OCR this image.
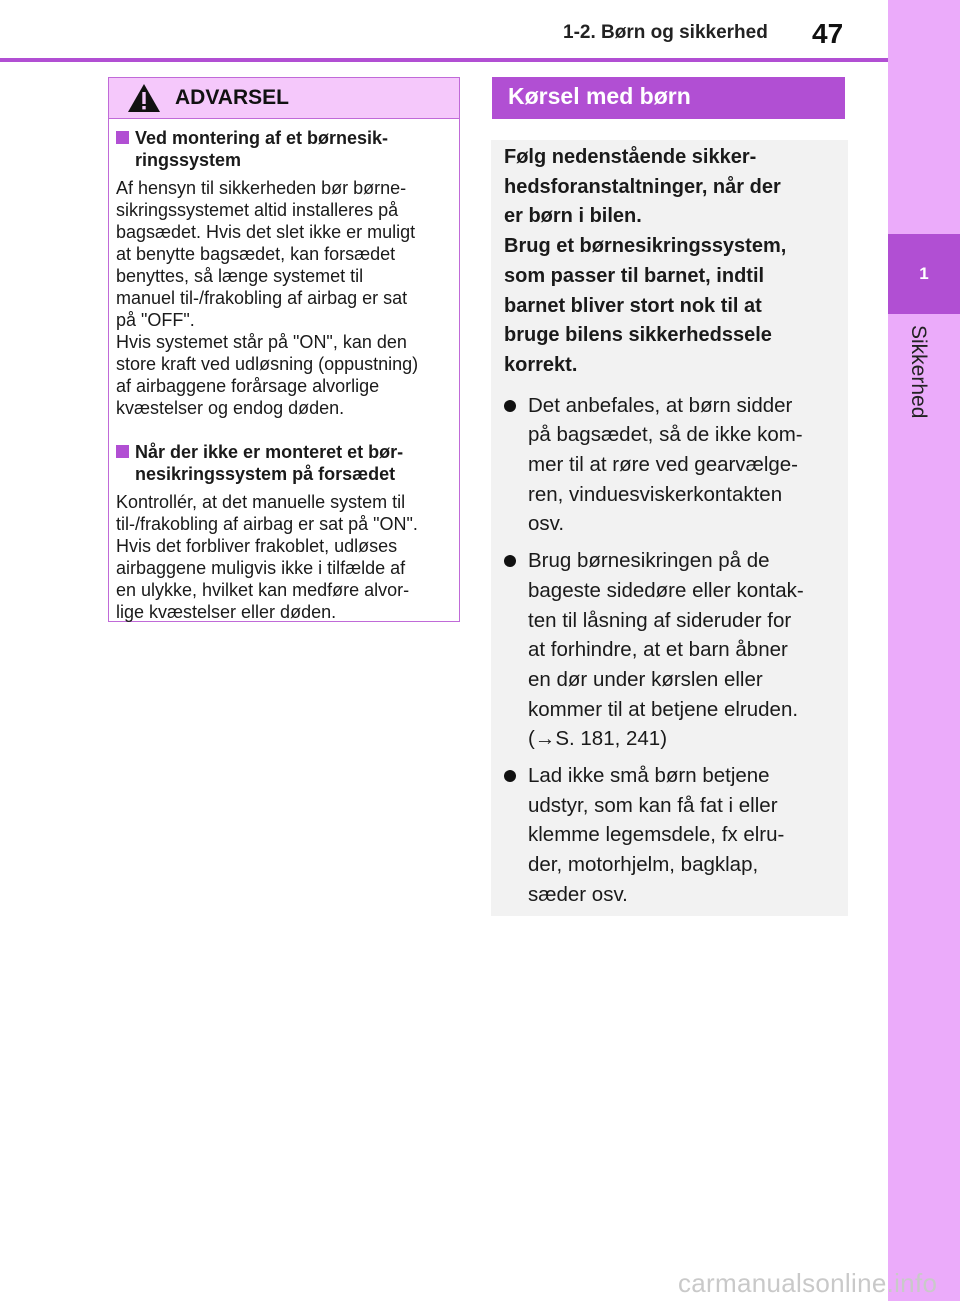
1-2. Børn og sikkerhed 47
1
Sikkerhed
ADVARSEL
Ved montering af et børnesik-
ringssystem
Af hensyn til sikkerheden bør børne-
sikringssystemet altid installeres på
bagsædet. Hvis det slet ikke er muligt
at benytte bagsædet, kan forsædet
benyttes, så længe systemet til
manuel til-/frakobling af airbag er sat
på "OFF".
Hvis systemet står på "ON", kan den
store kraft ved udløsning (oppustning)
af airbaggene forårsage alvorlige
kvæstelser og endog døden.
Når der ikke er monteret et bør-
nesikringssystem på forsædet
Kontrollér, at det manuelle system til
til-/frakobling af airbag er sat på "ON".
Hvis det forbliver frakoblet, udløses
airbaggene muligvis ikke i tilfælde af
en ulykke, hvilket kan medføre alvor-
lige kvæstelser eller døden.
Kørsel med børn
Følg nedenstående sikker-
hedsforanstaltninger, når der
er børn i bilen.
Brug et børnesikringssystem,
som passer til barnet, indtil
barnet bliver stort nok til at
bruge bilens sikkerhedssele
korrekt.
Det anbefales, at børn sidder
på bagsædet, så de ikke kom-
mer til at røre ved gearvælge-
ren, vinduesviskerkontakten
osv.
Brug børnesikringen på de
bageste sidedøre eller kontak-
ten til låsning af sideruder for
at forhindre, at et barn åbner
en dør under kørslen eller
kommer til at betjene elruden.
(→S. 181, 241)
Lad ikke små børn betjene
udstyr, som kan få fat i eller
klemme legemsdele, fx elru-
der, motorhjelm, bagklap,
sæder osv.
carmanualsonline.info
